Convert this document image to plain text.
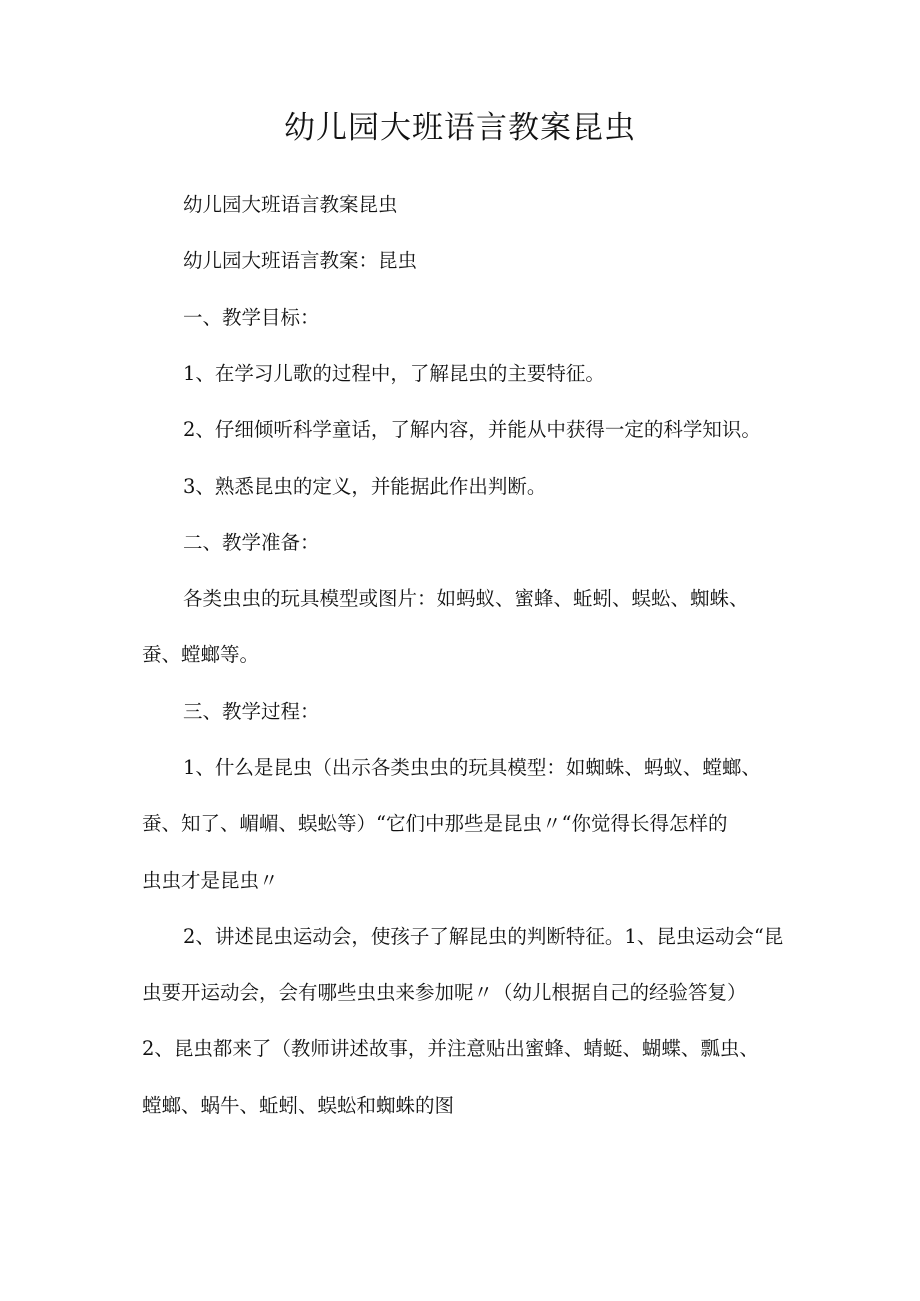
幼儿园大班语言教案昆虫
幼儿园大班语言教案昆虫
幼儿园大班语言教案：昆虫
一、教学目标：
1、在学习儿歌的过程中，了解昆虫的主要特征。
2、仔细倾听科学童话，了解内容，并能从中获得一定的科学知识。
3、熟悉昆虫的定义，并能据此作出判断。
二、教学准备：
各类虫虫的玩具模型或图片：如蚂蚁、蜜蜂、蚯蚓、蜈蚣、蜘蛛、
蚕、螳螂等。
三、教学过程：
1、什么是昆虫（出示各类虫虫的玩具模型：如蜘蛛、蚂蚁、螳螂、
蚕、知了、嵋嵋、蜈蚣等）“它们中那些是昆虫〃“你觉得长得怎样的
虫虫才是昆虫〃
2、讲述昆虫运动会，使孩子了解昆虫的判断特征。1、昆虫运动会“昆
虫要开运动会，会有哪些虫虫来参加呢〃（幼儿根据自己的经验答复）
2、昆虫都来了（教师讲述故事，并注意贴出蜜蜂、蜻蜓、蝴蝶、瓢虫、
螳螂、蜗牛、蚯蚓、蜈蚣和蜘蛛的图
